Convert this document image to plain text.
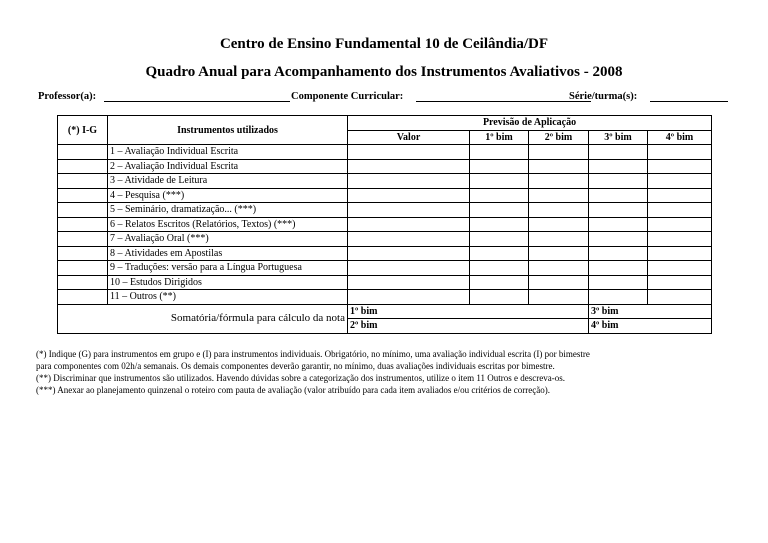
Centro de Ensino Fundamental 10 de Ceilândia/DF
Quadro Anual para Acompanhamento dos Instrumentos Avaliativos - 2008
Professor(a):	Componente Curricular:	Série/turma(s):
(*) I-G	Instrumentos utilizados	Previsão de Aplicação				
		Valor	1º bim	2º bim	3º bim	4º bim
	1 – Avaliação Individual Escrita					
	2 – Avaliação Individual Escrita					
	3 – Atividade de Leitura					
	4 – Pesquisa (***)					
	5 – Seminário, dramatização... (***)					
	6 – Relatos Escritos (Relatórios, Textos) (***)					
	7 – Avaliação Oral (***)					
	8 – Atividades em Apostilas					
	9 – Traduções: versão para a Língua Portuguesa					
	10 – Estudos Dirigidos					
	11 – Outros (**)					
Somatória/fórmula para cálculo da nota		1º bim			3º bim	
		2º bim			4º bim	
(*) Indique (G) para instrumentos em grupo e (I) para instrumentos individuais. Obrigatório, no mínimo, uma avaliação individual escrita (I) por bimestre
para componentes com 02h/a semanais. Os demais componentes deverão garantir, no mínimo, duas avaliações individuais escritas por bimestre.
(**) Discriminar que instrumentos são utilizados. Havendo dúvidas sobre a categorização dos instrumentos, utilize o item 11 Outros e descreva-os.
(***) Anexar ao planejamento quinzenal o roteiro com pauta de avaliação (valor atribuído para cada item avaliados e/ou critérios de correção).
